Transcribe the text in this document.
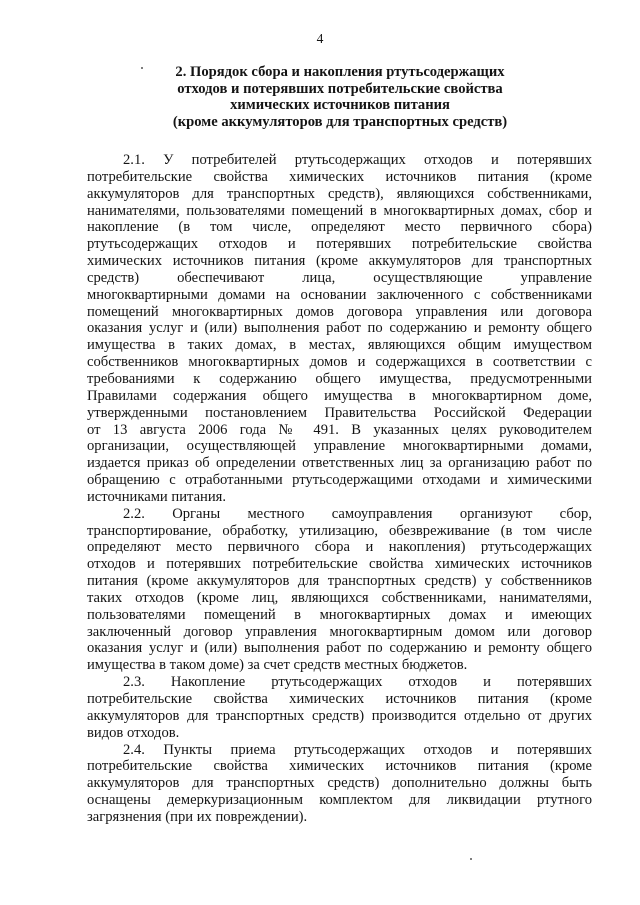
4
2. Порядок сбора и накопления ртутьсодержащих
отходов и потерявших потребительские свойства
химических источников питания
(кроме аккумуляторов для транспортных средств)
2.1. У потребителей ртутьсодержащих отходов и потерявших
потребительские свойства химических источников питания (кроме
аккумуляторов для транспортных средств), являющихся собственниками,
нанимателями, пользователями помещений в многоквартирных домах, сбор и
накопление (в том числе, определяют место первичного сбора)
ртутьсодержащих отходов и потерявших потребительские свойства
химических источников питания (кроме аккумуляторов для транспортных
средств) обеспечивают лица, осуществляющие управление
многоквартирными домами на основании заключенного с собственниками
помещений многоквартирных домов договора управления или договора
оказания услуг и (или) выполнения работ по содержанию и ремонту общего
имущества в таких домах, в местах, являющихся общим имуществом
собственников многоквартирных домов и содержащихся в соответствии с
требованиями к содержанию общего имущества, предусмотренными
Правилами содержания общего имущества в многоквартирном доме,
утвержденными постановлением Правительства Российской Федерации
от 13 августа 2006 года № 491. В указанных целях руководителем
организации, осуществляющей управление многоквартирными домами,
издается приказ об определении ответственных лиц за организацию работ по
обращению с отработанными ртутьсодержащими отходами и химическими
источниками питания.
2.2. Органы местного самоуправления организуют сбор,
транспортирование, обработку, утилизацию, обезвреживание (в том числе
определяют место первичного сбора и накопления) ртутьсодержащих
отходов и потерявших потребительские свойства химических источников
питания (кроме аккумуляторов для транспортных средств) у собственников
таких отходов (кроме лиц, являющихся собственниками, нанимателями,
пользователями помещений в многоквартирных домах и имеющих
заключенный договор управления многоквартирным домом или договор
оказания услуг и (или) выполнения работ по содержанию и ремонту общего
имущества в таком доме) за счет средств местных бюджетов.
2.3. Накопление ртутьсодержащих отходов и потерявших
потребительские свойства химических источников питания (кроме
аккумуляторов для транспортных средств) производится отдельно от других
видов отходов.
2.4. Пункты приема ртутьсодержащих отходов и потерявших
потребительские свойства химических источников питания (кроме
аккумуляторов для транспортных средств) дополнительно должны быть
оснащены демеркуризационным комплектом для ликвидации ртутного
загрязнения (при их повреждении).
